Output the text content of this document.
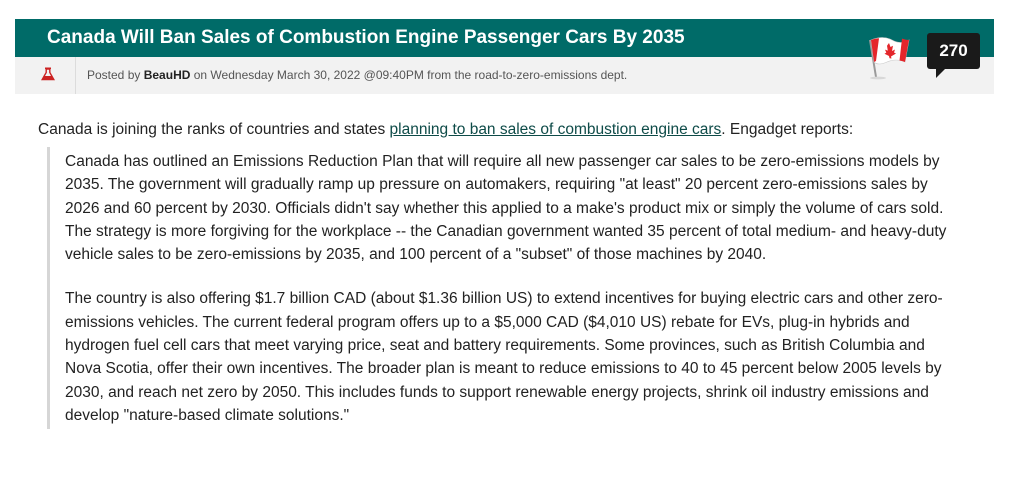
Canada Will Ban Sales of Combustion Engine Passenger Cars By 2035
Posted by BeauHD on Wednesday March 30, 2022 @09:40PM from the road-to-zero-emissions dept.
270

Canada is joining the ranks of countries and states planning to ban sales of combustion engine cars. Engadget reports:

Canada has outlined an Emissions Reduction Plan that will require all new passenger car sales to be zero-emissions models by 2035. The government will gradually ramp up pressure on automakers, requiring "at least" 20 percent zero-emissions sales by 2026 and 60 percent by 2030. Officials didn't say whether this applied to a make's product mix or simply the volume of cars sold. The strategy is more forgiving for the workplace -- the Canadian government wanted 35 percent of total medium- and heavy-duty vehicle sales to be zero-emissions by 2035, and 100 percent of a "subset" of those machines by 2040.

The country is also offering $1.7 billion CAD (about $1.36 billion US) to extend incentives for buying electric cars and other zero-emissions vehicles. The current federal program offers up to a $5,000 CAD ($4,010 US) rebate for EVs, plug-in hybrids and hydrogen fuel cell cars that meet varying price, seat and battery requirements. Some provinces, such as British Columbia and Nova Scotia, offer their own incentives. The broader plan is meant to reduce emissions to 40 to 45 percent below 2005 levels by 2030, and reach net zero by 2050. This includes funds to support renewable energy projects, shrink oil industry emissions and develop "nature-based climate solutions."
